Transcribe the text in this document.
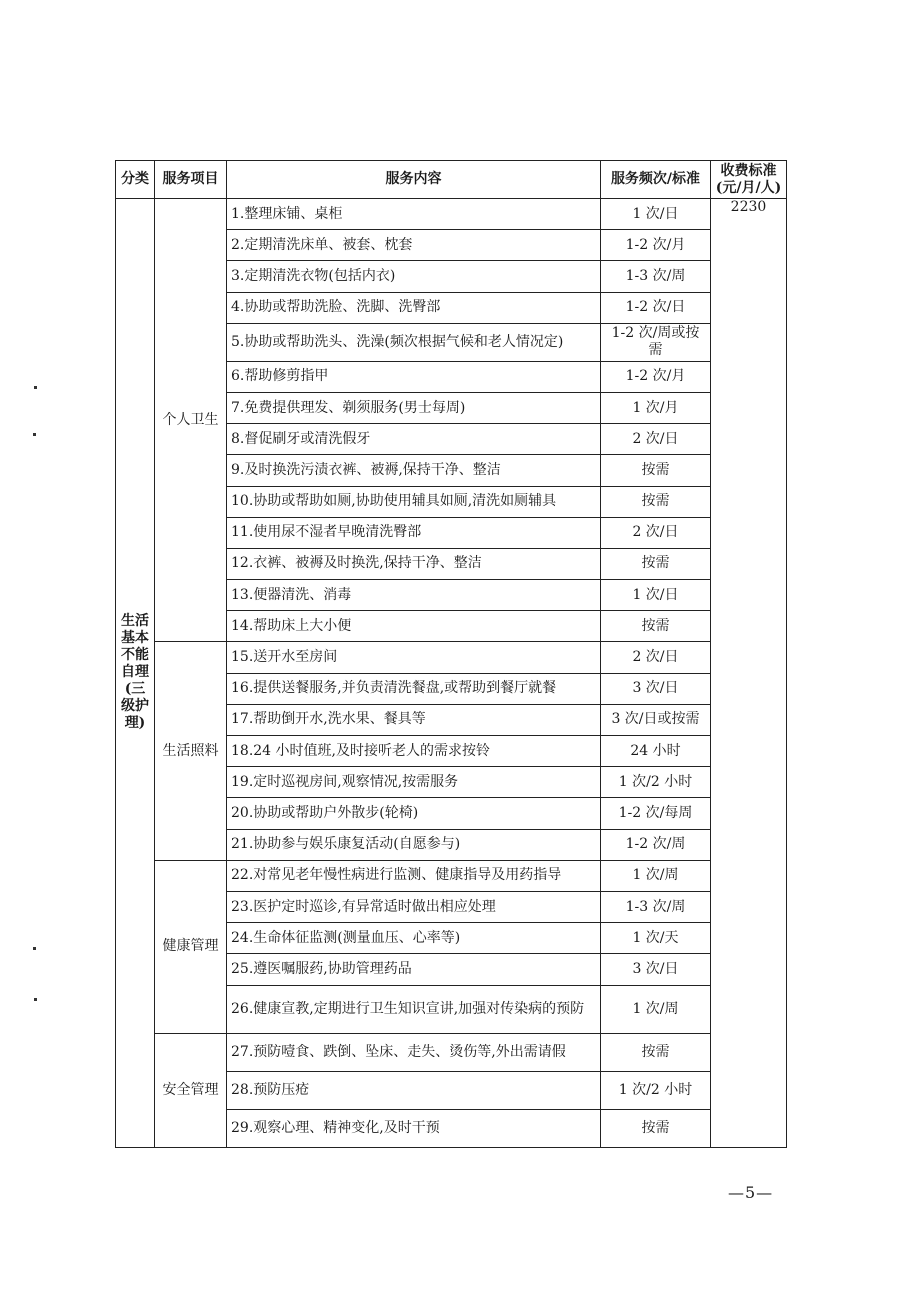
分类	服务项目	服务内容	服务频次/标准	收费标准
(元/月/人)
生活基本不能自理(三级护理)	个人卫生	1.整理床铺、桌柜	1 次/日	2230
		2.定期清洗床单、被套、枕套	1-2 次/月	
		3.定期清洗衣物(包括内衣)	1-3 次/周	
		4.协助或帮助洗脸、洗脚、洗臀部	1-2 次/日	
		5.协助或帮助洗头、洗澡(频次根据气候和老人情况定)	1-2 次/周或按需	
		6.帮助修剪指甲	1-2 次/月	
		7.免费提供理发、剃须服务(男士每周)	1 次/月	
		8.督促刷牙或清洗假牙	2 次/日	
		9.及时换洗污渍衣裤、被褥,保持干净、整洁	按需	
		10.协助或帮助如厕,协助使用辅具如厕,清洗如厕辅具	按需	
		11.使用尿不湿者早晚清洗臀部	2 次/日	
		12.衣裤、被褥及时换洗,保持干净、整洁	按需	
		13.便器清洗、消毒	1 次/日	
		14.帮助床上大小便	按需	
	生活照料	15.送开水至房间	2 次/日	
		16.提供送餐服务,并负责清洗餐盘,或帮助到餐厅就餐	3 次/日	
		17.帮助倒开水,洗水果、餐具等	3 次/日或按需	
		18.24 小时值班,及时接听老人的需求按铃	24 小时	
		19.定时巡视房间,观察情况,按需服务	1 次/2 小时	
		20.协助或帮助户外散步(轮椅)	1-2 次/每周	
		21.协助参与娱乐康复活动(自愿参与)	1-2 次/周	
	健康管理	22.对常见老年慢性病进行监测、健康指导及用药指导	1 次/周	
		23.医护定时巡诊,有异常适时做出相应处理	1-3 次/周	
		24.生命体征监测(测量血压、心率等)	1 次/天	
		25.遵医嘱服药,协助管理药品	3 次/日	
		26.健康宣教,定期进行卫生知识宣讲,加强对传染病的预防	1 次/周	
	安全管理	27.预防噎食、跌倒、坠床、走失、烫伤等,外出需请假	按需	
		28.预防压疮	1 次/2 小时	
		29.观察心理、精神变化,及时干预	按需	
—5—
